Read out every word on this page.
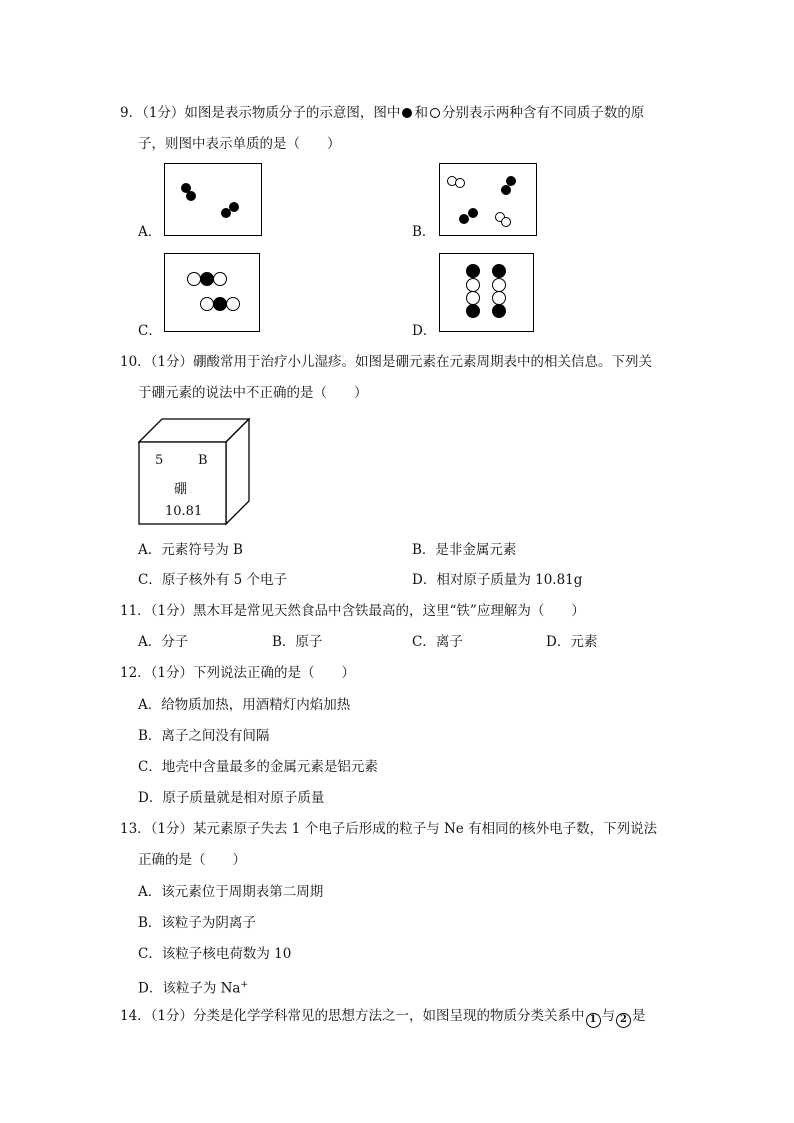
9．（1分）如图是表示物质分子的示意图，图中 和 分别表示两种含有不同质子数的原
子，则图中表示单质的是（　　）
A．	B．
C．	D．
10．（1分）硼酸常用于治疗小儿湿疹。如图是硼元素在元素周期表中的相关信息。下列关
于硼元素的说法中不正确的是（　　）
5	B
硼
10.81
A．元素符号为 B	B．是非金属元素
C．原子核外有 5 个电子	D．相对原子质量为 10.81g
11．（1分）黑木耳是常见天然食品中含铁最高的，这里“铁”应理解为（　　）
A．分子	B．原子	C．离子	D．元素
12．（1分）下列说法正确的是（　　）
A．给物质加热，用酒精灯内焰加热
B．离子之间没有间隔
C．地壳中含量最多的金属元素是铝元素
D．原子质量就是相对原子质量
13．（1分）某元素原子失去 1 个电子后形成的粒子与 Ne 有相同的核外电子数，下列说法
正确的是（　　）
A．该元素位于周期表第二周期
B．该粒子为阴离子
C．该粒子核电荷数为 10
D．该粒子为 Na+
14．（1分）分类是化学学科常见的思想方法之一，如图呈现的物质分类关系中 1 与 2 是
